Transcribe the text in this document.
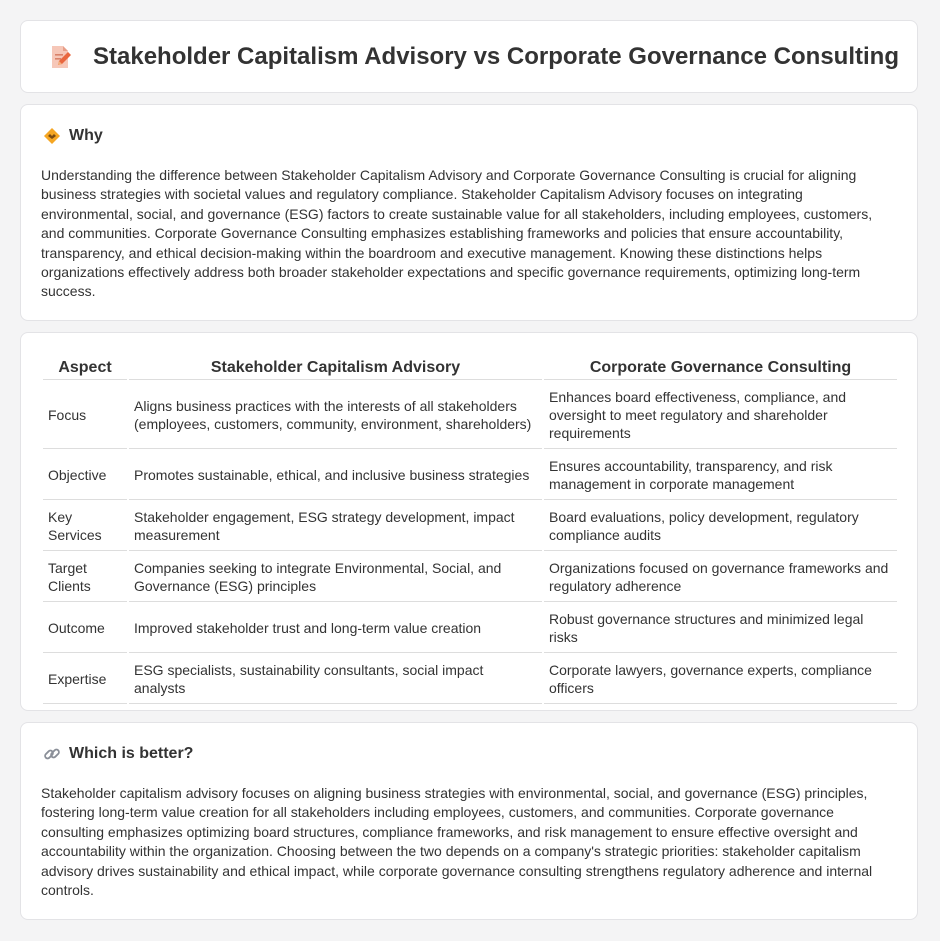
Stakeholder Capitalism Advisory vs Corporate Governance Consulting
Why

Understanding the difference between Stakeholder Capitalism Advisory and Corporate Governance Consulting is crucial for aligning business strategies with societal values and regulatory compliance. Stakeholder Capitalism Advisory focuses on integrating environmental, social, and governance (ESG) factors to create sustainable value for all stakeholders, including employees, customers, and communities. Corporate Governance Consulting emphasizes establishing frameworks and policies that ensure accountability, transparency, and ethical decision-making within the boardroom and executive management. Knowing these distinctions helps organizations effectively address both broader stakeholder expectations and specific governance requirements, optimizing long-term success.

Aspect	Stakeholder Capitalism Advisory	Corporate Governance Consulting
Focus	Aligns business practices with the interests of all stakeholders (employees, customers, community, environment, shareholders)	Enhances board effectiveness, compliance, and oversight to meet regulatory and shareholder requirements
Objective	Promotes sustainable, ethical, and inclusive business strategies	Ensures accountability, transparency, and risk management in corporate management
Key Services	Stakeholder engagement, ESG strategy development, impact measurement	Board evaluations, policy development, regulatory compliance audits
Target Clients	Companies seeking to integrate Environmental, Social, and Governance (ESG) principles	Organizations focused on governance frameworks and regulatory adherence
Outcome	Improved stakeholder trust and long-term value creation	Robust governance structures and minimized legal risks
Expertise	ESG specialists, sustainability consultants, social impact analysts	Corporate lawyers, governance experts, compliance officers
Which is better?

Stakeholder capitalism advisory focuses on aligning business strategies with environmental, social, and governance (ESG) principles, fostering long-term value creation for all stakeholders including employees, customers, and communities. Corporate governance consulting emphasizes optimizing board structures, compliance frameworks, and risk management to ensure effective oversight and accountability within the organization. Choosing between the two depends on a company's strategic priorities: stakeholder capitalism advisory drives sustainability and ethical impact, while corporate governance consulting strengthens regulatory adherence and internal controls.
